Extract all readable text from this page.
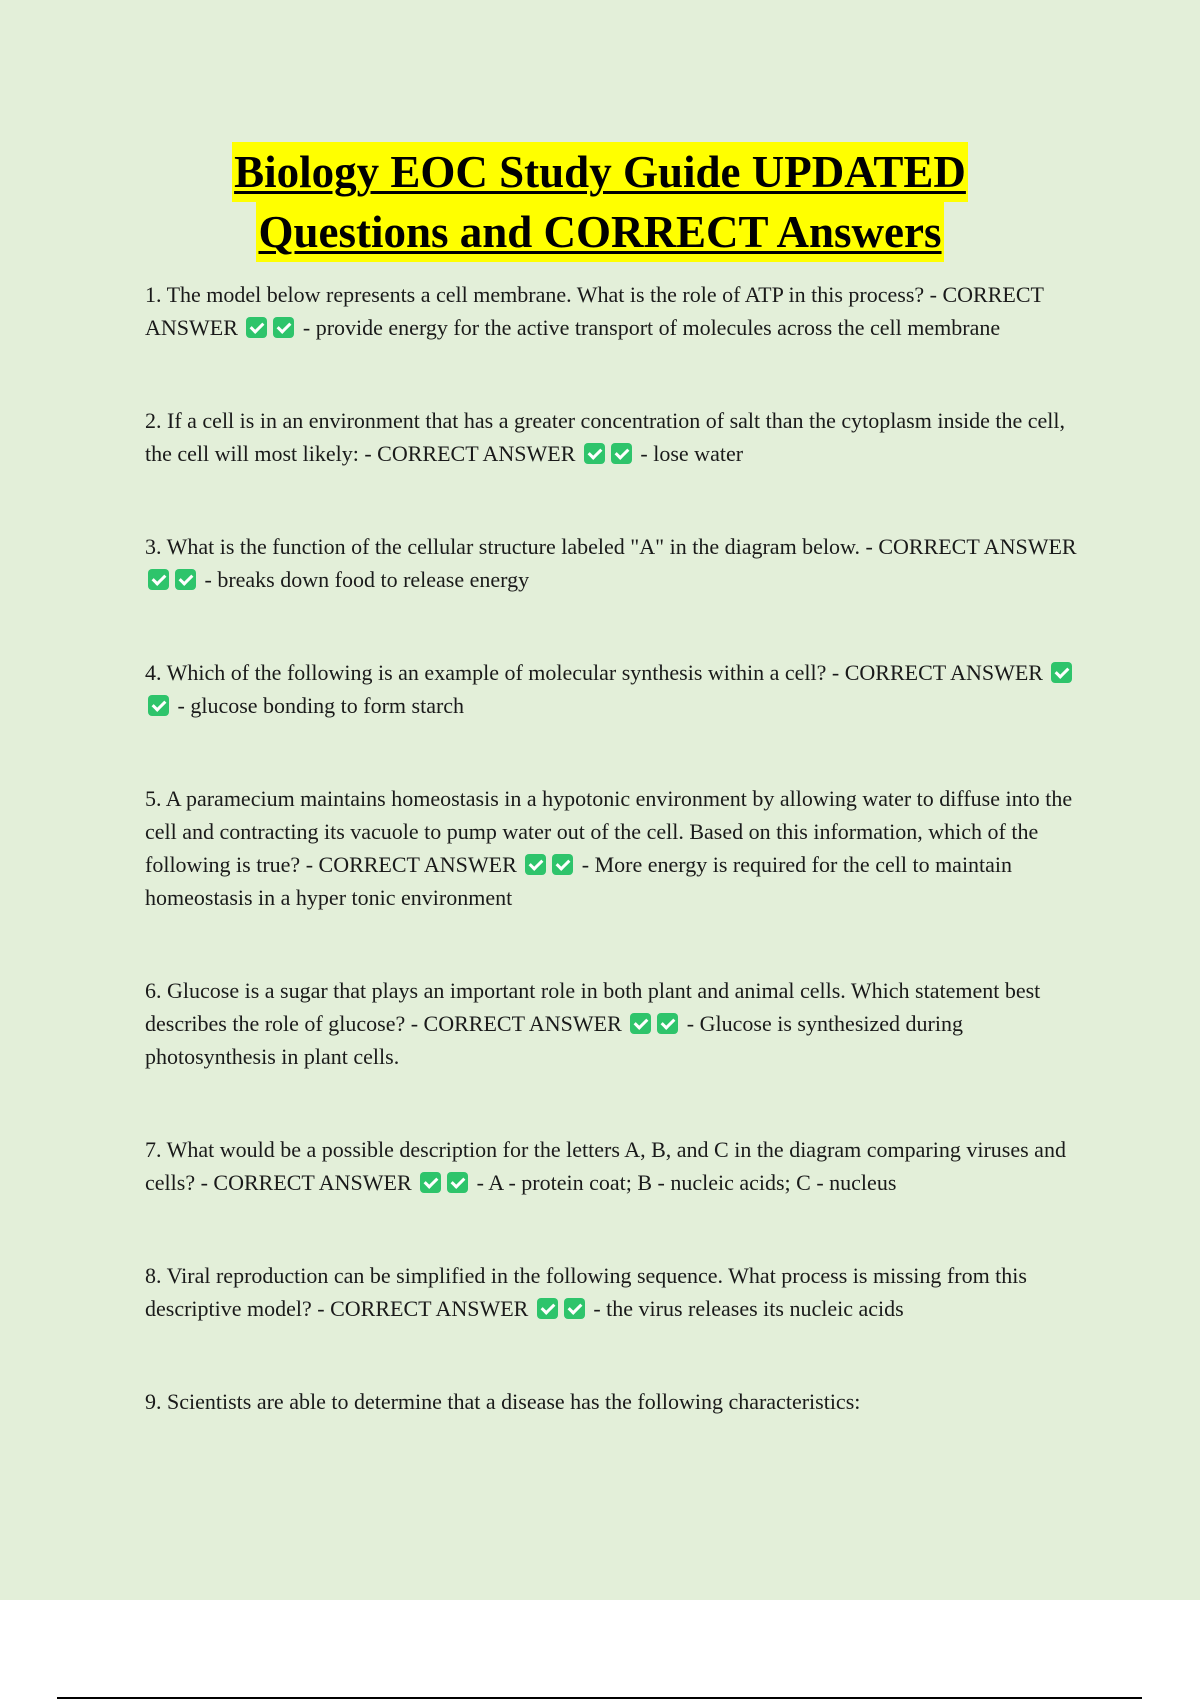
Biology EOC Study Guide UPDATED
Questions and CORRECT Answers

1. The model below represents a cell membrane. What is the role of ATP in this process? - CORRECT ANSWER	- provide energy for the active transport of molecules across the cell membrane

2. If a cell is in an environment that has a greater concentration of salt than the cytoplasm inside the cell, the cell will most likely: - CORRECT ANSWER	- lose water

3. What is the function of the cellular structure labeled "A" in the diagram below. - CORRECT ANSWER  - breaks down food to release energy

4. Which of the following is an example of molecular synthesis within a cell? - CORRECT ANSWER  - glucose bonding to form starch

5. A paramecium maintains homeostasis in a hypotonic environment by allowing water to diffuse into the cell and contracting its vacuole to pump water out of the cell. Based on this information, which of the following is true? - CORRECT ANSWER	- More energy is required for the cell to maintain homeostasis in a hyper tonic environment

6. Glucose is a sugar that plays an important role in both plant and animal cells. Which statement best describes the role of glucose? - CORRECT ANSWER	- Glucose is synthesized during photosynthesis in plant cells.

7. What would be a possible description for the letters A, B, and C in the diagram comparing viruses and cells? - CORRECT ANSWER	- A - protein coat; B - nucleic acids; C - nucleus

8. Viral reproduction can be simplified in the following sequence. What process is missing from this descriptive model? - CORRECT ANSWER	- the virus releases its nucleic acids

9. Scientists are able to determine that a disease has the following characteristics:
